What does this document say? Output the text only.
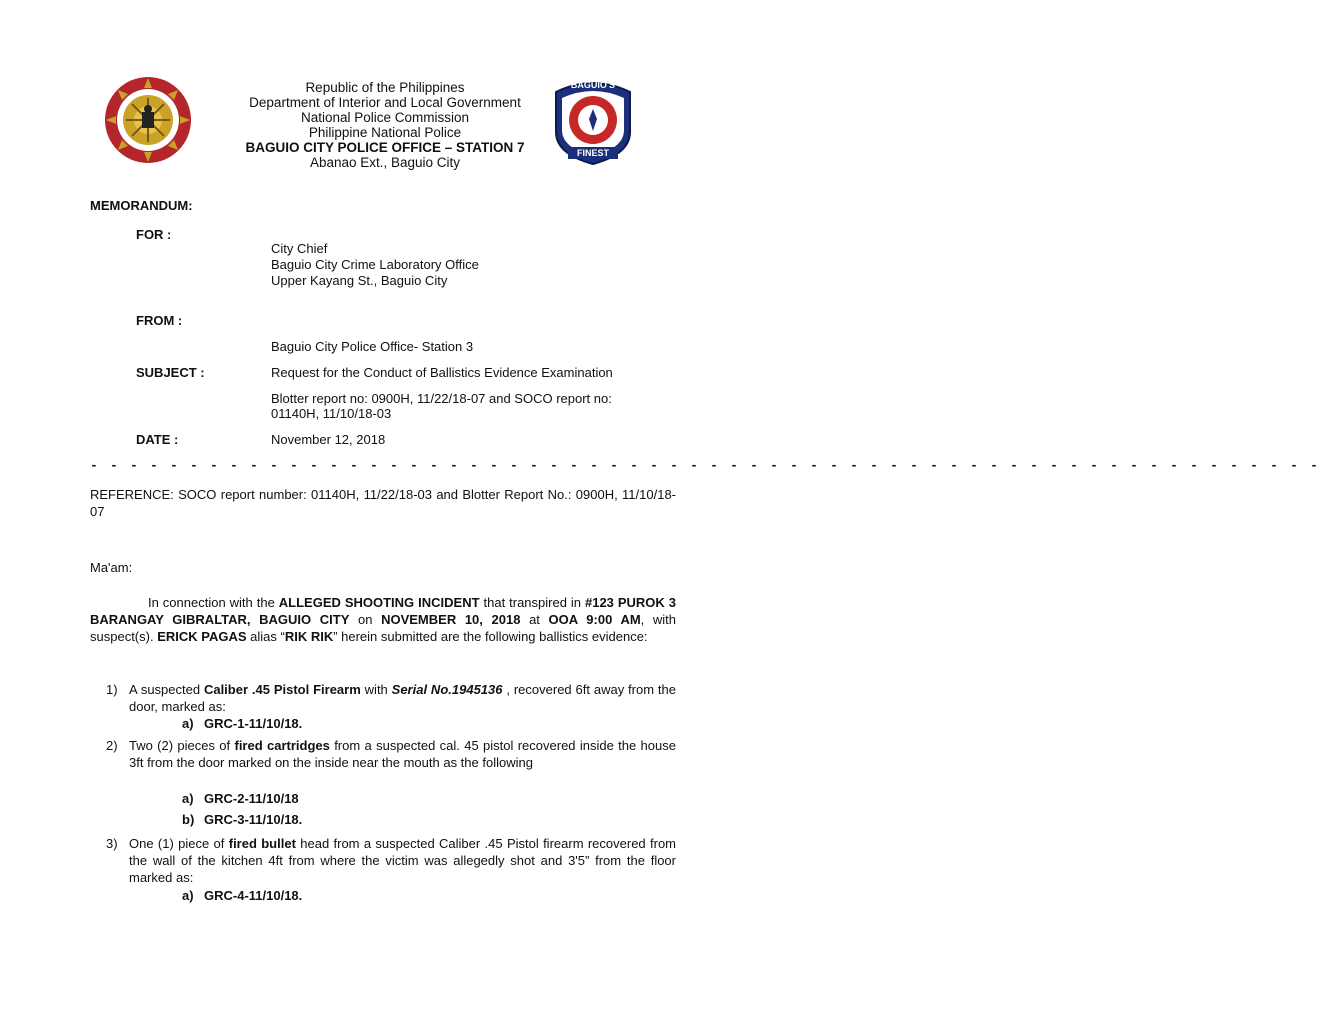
Republic of the Philippines
Department of Interior and Local Government
National Police Commission
Philippine National Police
BAGUIO CITY POLICE OFFICE – STATION 7
Abanao Ext., Baguio City
BAGUIO'S
FINEST
MEMORANDUM:
FOR :
City Chief
Baguio City Crime Laboratory Office
Upper Kayang St., Baguio City
FROM :
Baguio City Police Office- Station 3
SUBJECT :	Request for the Conduct of Ballistics Evidence Examination
Blotter report no: 0900H, 11/22/18-07 and SOCO report no:
01140H, 11/10/18-03
DATE :	November 12, 2018
- - - - - - - - - - - - - - - - - - - - - - - - - - - - - - - - - - - - - - - - - - - - - - - - - - - - - - - - - - - - - -
REFERENCE: SOCO report number: 01140H, 11/22/18-03 and Blotter Report No.: 0900H, 11/10/18-07
Ma'am:
In connection with the ALLEGED SHOOTING INCIDENT that transpired in #123 PUROK 3 BARANGAY GIBRALTAR, BAGUIO CITY on NOVEMBER 10, 2018 at OOA 9:00 AM, with suspect(s). ERICK PAGAS alias “RIK RIK” herein submitted are the following ballistics evidence:
1) A suspected Caliber .45 Pistol Firearm with Serial No.1945136 , recovered 6ft away from the door, marked as:
a) GRC-1-11/10/18.
2) Two (2) pieces of fired cartridges from a suspected cal. 45 pistol recovered inside the house 3ft from the door marked on the inside near the mouth as the following
a) GRC-2-11/10/18
b) GRC-3-11/10/18.
3) One (1) piece of fired bullet head from a suspected Caliber .45 Pistol firearm recovered from the wall of the kitchen 4ft from where the victim was allegedly shot and 3'5” from the floor marked as:
a) GRC-4-11/10/18.
